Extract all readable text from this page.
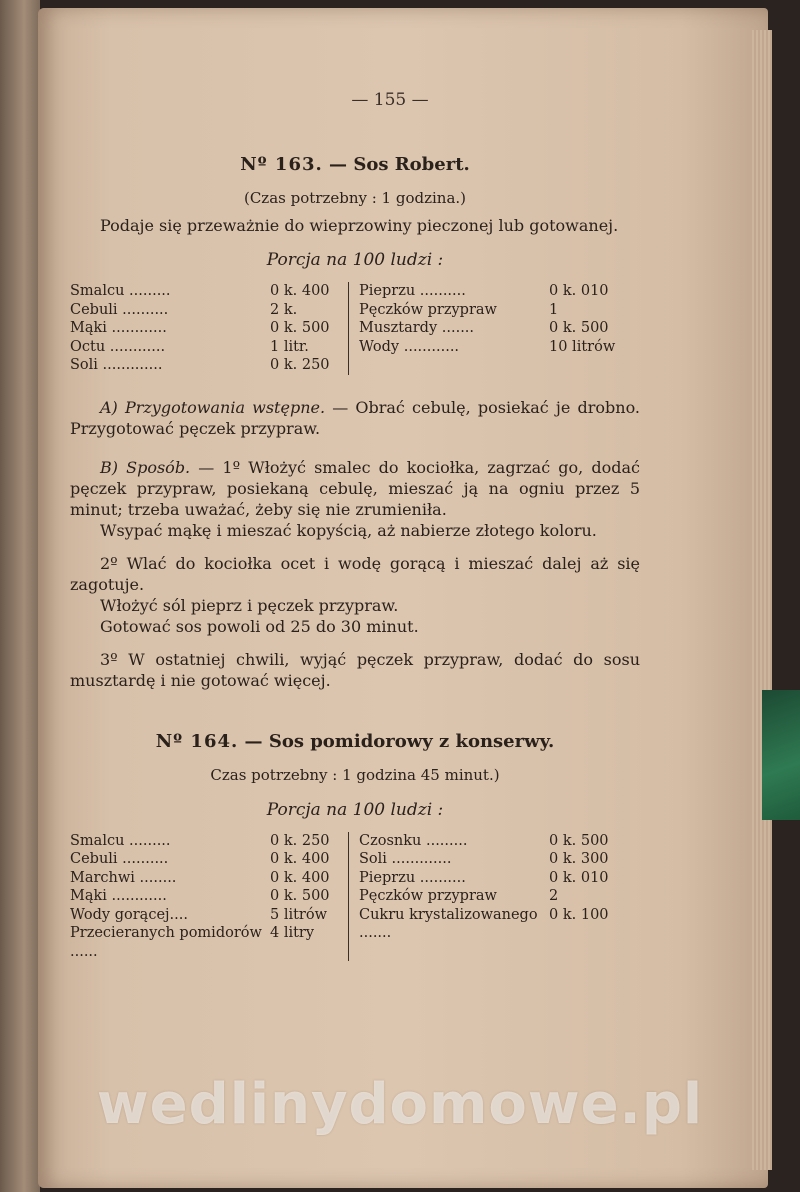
— 155 —
Nº 163. — Sos Robert.
(Czas potrzebny : 1 godzina.)

Podaje się przeważnie do wieprzowiny pieczonej lub gotowanej.

Porcja na 100 ludzi :
Smalcu .........	0 k. 400
Cebuli ..........	2 k.
Mąki ............	0 k. 500
Octu ............	1 litr.
Soli .............	0 k. 250
Pieprzu ..........	0 k. 010
Pęczków przypraw	1
Musztardy .......	0 k. 500
Wody ............	10 litrów

A) Przygotowania wstępne. — Obrać cebulę, posiekać je drobno. Przygotować pęczek przypraw.

B) Sposób. — 1º Włożyć smalec do kociołka, zagrzać go, dodać pęczek przypraw, posiekaną cebulę, mieszać ją na ogniu przez 5 minut; trzeba uważać, żeby się nie zrumieniła.

Wsypać mąkę i mieszać kopyścią, aż nabierze złotego koloru.

2º Wlać do kociołka ocet i wodę gorącą i mieszać dalej aż się zagotuje.

Włożyć sól pieprz i pęczek przypraw.

Gotować sos powoli od 25 do 30 minut.

3º W ostatniej chwili, wyjąć pęczek przypraw, dodać do sosu musztardę i nie gotować więcej.

Nº 164. — Sos pomidorowy z konserwy.
Czas potrzebny : 1 godzina 45 minut.)
Porcja na 100 ludzi :
Smalcu .........	0 k. 250
Cebuli ..........	0 k. 400
Marchwi ........	0 k. 400
Mąki ............	0 k. 500
Wody gorącej....	5 litrów
Przecieranych pomidorów ......
4 litry
Czosnku .........	0 k. 500
Soli .............	0 k. 300
Pieprzu ..........	0 k. 010
Pęczków przypraw	2
Cukru krystalizowanego .......
0 k. 100
wedlinydomowe.pl
